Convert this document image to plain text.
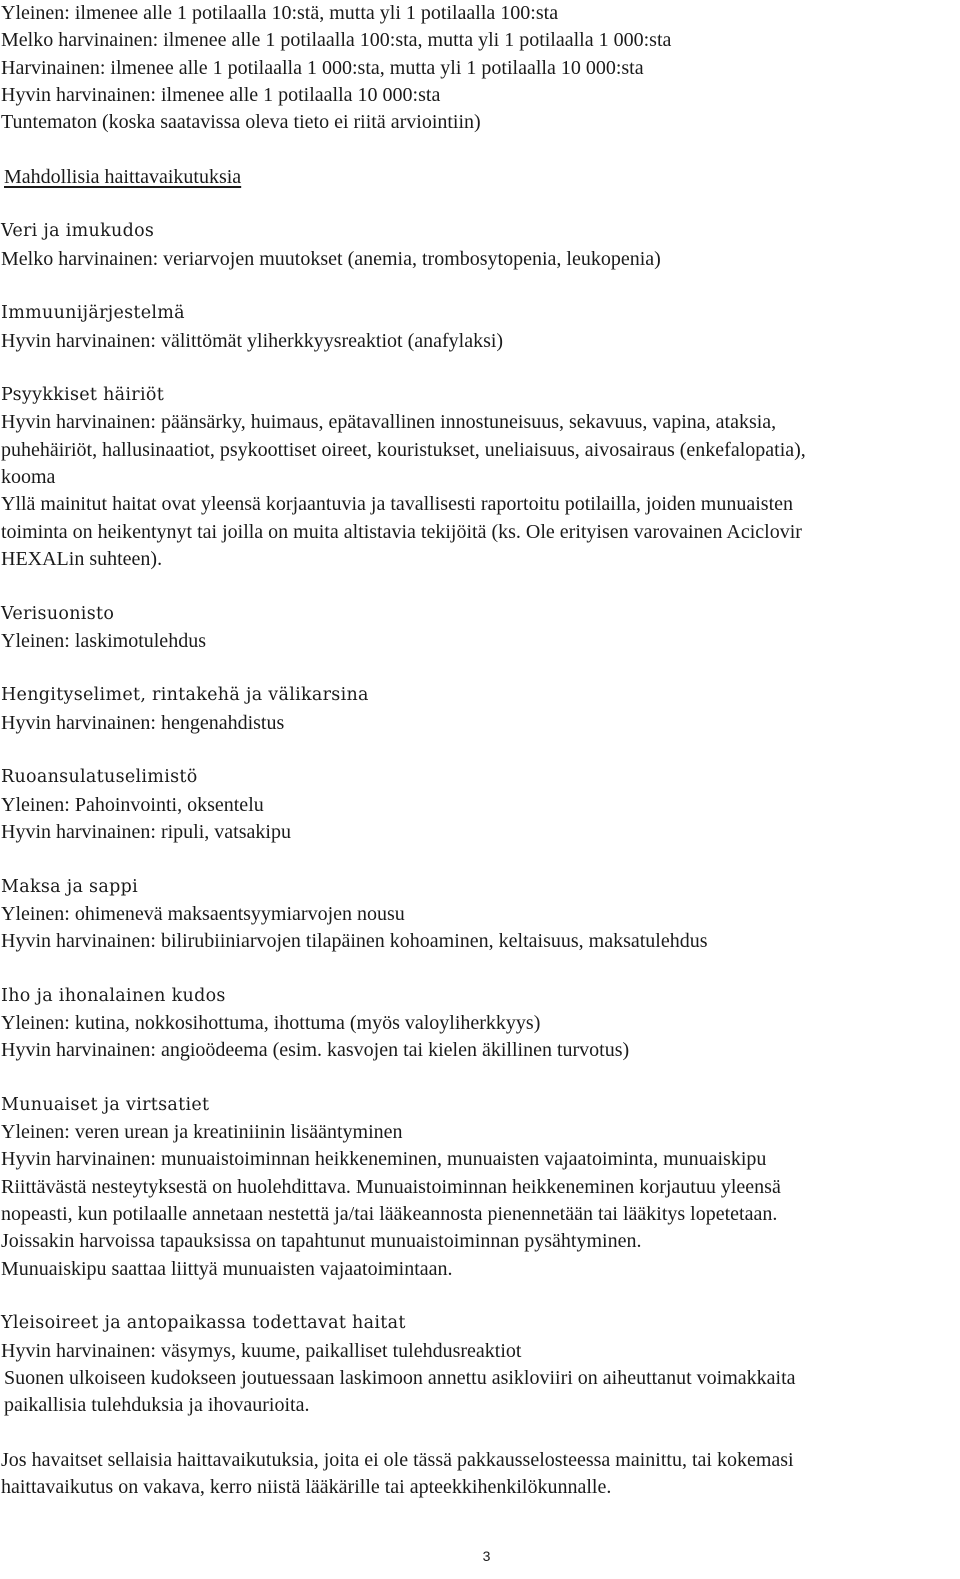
Yleinen: ilmenee alle 1 potilaalla 10:stä, mutta yli 1 potilaalla 100:sta
Melko harvinainen: ilmenee alle 1 potilaalla 100:sta, mutta yli 1 potilaalla 1 000:sta
Harvinainen: ilmenee alle 1 potilaalla 1 000:sta, mutta yli 1 potilaalla 10 000:sta
Hyvin harvinainen: ilmenee alle 1 potilaalla 10 000:sta
Tuntematon (koska saatavissa oleva tieto ei riitä arviointiin)
Mahdollisia haittavaikutuksia
Veri ja imukudos
Melko harvinainen: veriarvojen muutokset (anemia, trombosytopenia, leukopenia)
Immuunijärjestelmä
Hyvin harvinainen: välittömät yliherkkyysreaktiot (anafylaksi)
Psyykkiset häiriöt
Hyvin harvinainen: päänsärky, huimaus, epätavallinen innostuneisuus, sekavuus, vapina, ataksia,
puhehäiriöt, hallusinaatiot, psykoottiset oireet, kouristukset, uneliaisuus, aivosairaus (enkefalopatia),
kooma
Yllä mainitut haitat ovat yleensä korjaantuvia ja tavallisesti raportoitu potilailla, joiden munuaisten
toiminta on heikentynyt tai joilla on muita altistavia tekijöitä (ks. Ole erityisen varovainen Aciclovir
HEXALin suhteen).
Verisuonisto
Yleinen: laskimotulehdus
Hengityselimet, rintakehä ja välikarsina
Hyvin harvinainen: hengenahdistus
Ruoansulatuselimistö
Yleinen: Pahoinvointi, oksentelu
Hyvin harvinainen: ripuli, vatsakipu
Maksa ja sappi
Yleinen: ohimenevä maksaentsyymiarvojen nousu
Hyvin harvinainen: bilirubiiniarvojen tilapäinen kohoaminen, keltaisuus, maksatulehdus
Iho ja ihonalainen kudos
Yleinen: kutina, nokkosihottuma, ihottuma (myös valoyliherkkyys)
Hyvin harvinainen: angioödeema (esim. kasvojen tai kielen äkillinen turvotus)
Munuaiset ja virtsatiet
Yleinen: veren urean ja kreatiniinin lisääntyminen
Hyvin harvinainen: munuaistoiminnan heikkeneminen, munuaisten vajaatoiminta, munuaiskipu
Riittävästä nesteytyksestä on huolehdittava. Munuaistoiminnan heikkeneminen korjautuu yleensä
nopeasti, kun potilaalle annetaan nestettä ja/tai lääkeannosta pienennetään tai lääkitys lopetetaan.
Joissakin harvoissa tapauksissa on tapahtunut munuaistoiminnan pysähtyminen.
Munuaiskipu saattaa liittyä munuaisten vajaatoimintaan.
Yleisoireet ja antopaikassa todettavat haitat
Hyvin harvinainen: väsymys, kuume, paikalliset tulehdusreaktiot
Suonen ulkoiseen kudokseen joutuessaan laskimoon annettu asikloviiri on aiheuttanut voimakkaita
paikallisia tulehduksia ja ihovaurioita.
Jos havaitset sellaisia haittavaikutuksia, joita ei ole tässä pakkausselosteessa mainittu, tai kokemasi
haittavaikutus on vakava, kerro niistä lääkärille tai apteekkihenkilökunnalle.
3
